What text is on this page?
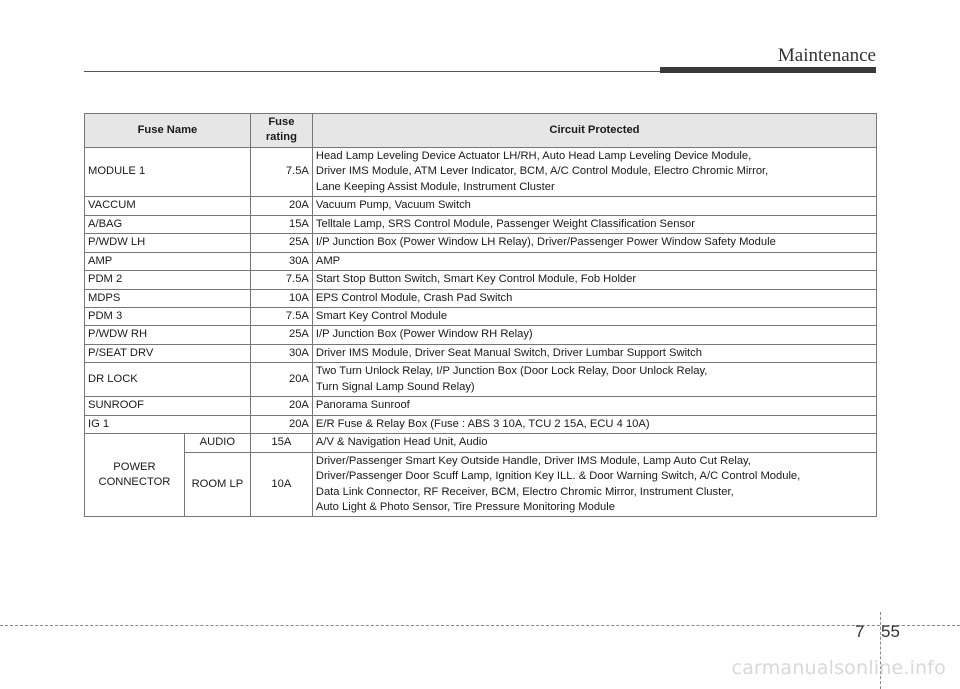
Maintenance
Fuse Name		Fuse rating	Circuit Protected
MODULE 1		7.5A	Head Lamp Leveling Device Actuator LH/RH, Auto Head Lamp Leveling Device Module,
Driver IMS Module, ATM Lever Indicator, BCM, A/C Control Module, Electro Chromic Mirror,
Lane Keeping Assist Module, Instrument Cluster

VACCUM		20A	Vacuum Pump, Vacuum Switch

A/BAG		15A	Telltale Lamp, SRS Control Module, Passenger Weight Classification Sensor

P/WDW LH		25A	I/P Junction Box (Power Window LH Relay), Driver/Passenger Power Window Safety Module

AMP		30A	AMP

PDM 2		7.5A	Start Stop Button Switch, Smart Key Control Module, Fob Holder

MDPS		10A	EPS Control Module, Crash Pad Switch

PDM 3		7.5A	Smart Key Control Module

P/WDW RH		25A	I/P Junction Box (Power Window RH Relay)

P/SEAT DRV		30A	Driver IMS Module, Driver Seat Manual Switch, Driver Lumbar Support Switch

DR LOCK		20A	Two Turn Unlock Relay, I/P Junction Box (Door Lock Relay, Door Unlock Relay,
Turn Signal Lamp Sound Relay)

SUNROOF		20A	Panorama Sunroof

IG 1		20A	E/R Fuse & Relay Box (Fuse : ABS 3 10A, TCU 2 15A, ECU 4 10A)

POWER
CONNECTOR	AUDIO	15A	A/V & Navigation Head Unit, Audio

	ROOM LP	10A	Driver/Passenger Smart Key Outside Handle, Driver IMS Module, Lamp Auto Cut Relay,
Driver/Passenger Door Scuff Lamp, Ignition Key ILL. & Door Warning Switch, A/C Control Module,
Data Link Connector, RF Receiver, BCM, Electro Chromic Mirror, Instrument Cluster,
Auto Light & Photo Sensor, Tire Pressure Monitoring Module
7 55
carmanualsonline.info
